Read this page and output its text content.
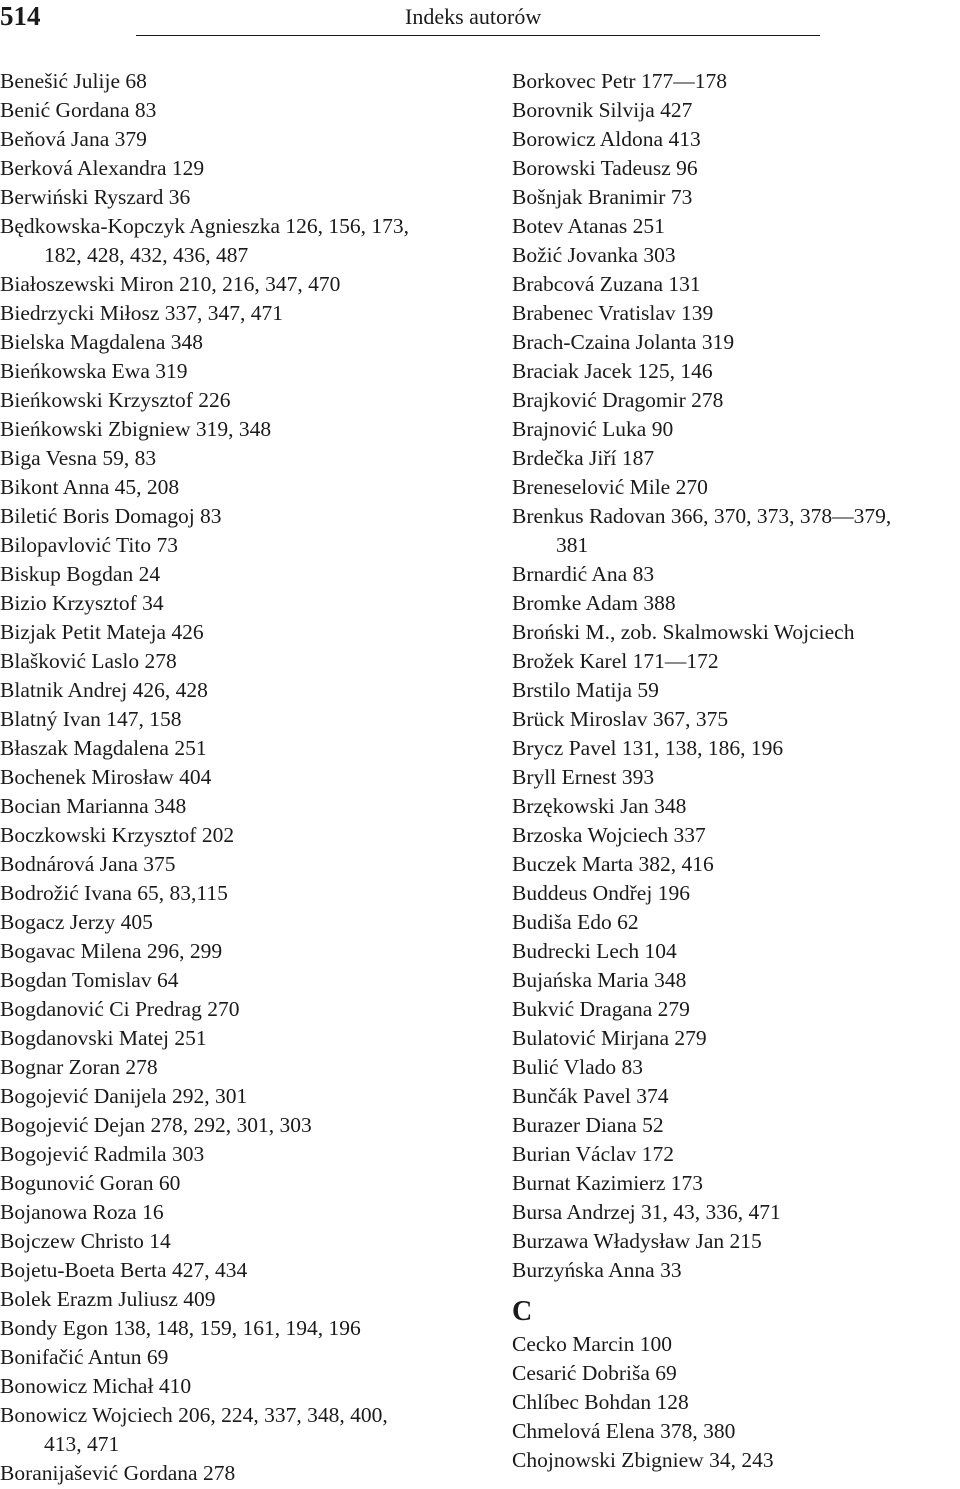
514	Indeks autorów
Benešić Julije 68
Benić Gordana 83
Beňová Jana 379
Berková Alexandra 129
Berwiński Ryszard 36
Będkowska-Kopczyk Agnieszka 126, 156, 173,
182, 428, 432, 436, 487
Białoszewski Miron 210, 216, 347, 470
Biedrzycki Miłosz 337, 347, 471
Bielska Magdalena 348
Bieńkowska Ewa 319
Bieńkowski Krzysztof 226
Bieńkowski Zbigniew 319, 348
Biga Vesna 59, 83
Bikont Anna 45, 208
Biletić Boris Domagoj 83
Bilopavlović Tito 73
Biskup Bogdan 24
Bizio Krzysztof 34
Bizjak Petit Mateja 426
Blašković Laslo 278
Blatnik Andrej 426, 428
Blatný Ivan 147, 158
Błaszak Magdalena 251
Bochenek Mirosław 404
Bocian Marianna 348
Boczkowski Krzysztof 202
Bodnárová Jana 375
Bodrožić Ivana 65, 83,115
Bogacz Jerzy 405
Bogavac Milena 296, 299
Bogdan Tomislav 64
Bogdanović Ci Predrag 270
Bogdanovski Matej 251
Bognar Zoran 278
Bogojević Danijela 292, 301
Bogojević Dejan 278, 292, 301, 303
Bogojević Radmila 303
Bogunović Goran 60
Bojanowa Roza 16
Bojczew Christo 14
Bojetu-Boeta Berta 427, 434
Bolek Erazm Juliusz 409
Bondy Egon 138, 148, 159, 161, 194, 196
Bonifačić Antun 69
Bonowicz Michał 410
Bonowicz Wojciech 206, 224, 337, 348, 400,
413, 471
Boranijašević Gordana 278
Borkovec Petr 177—178
Borovnik Silvija 427
Borowicz Aldona 413
Borowski Tadeusz 96
Bošnjak Branimir 73
Botev Atanas 251
Božić Jovanka 303
Brabcová Zuzana 131
Brabenec Vratislav 139
Brach-Czaina Jolanta 319
Braciak Jacek 125, 146
Brajković Dragomir 278
Brajnović Luka 90
Brdečka Jiří 187
Breneselović Mile 270
Brenkus Radovan 366, 370, 373, 378—379,
381
Brnardić Ana 83
Bromke Adam 388
Broński M., zob. Skalmowski Wojciech
Brožek Karel 171—172
Brstilo Matija 59
Brück Miroslav 367, 375
Brycz Pavel 131, 138, 186, 196
Bryll Ernest 393
Brzękowski Jan 348
Brzoska Wojciech 337
Buczek Marta 382, 416
Buddeus Ondřej 196
Budiša Edo 62
Budrecki Lech 104
Bujańska Maria 348
Bukvić Dragana 279
Bulatović Mirjana 279
Bulić Vlado 83
Bunčák Pavel 374
Burazer Diana 52
Burian Václav 172
Burnat Kazimierz 173
Bursa Andrzej 31, 43, 336, 471
Burzawa Władysław Jan 215
Burzyńska Anna 33
C
Cecko Marcin 100
Cesarić Dobriša 69
Chlíbec Bohdan 128
Chmelová Elena 378, 380
Chojnowski Zbigniew 34, 243
